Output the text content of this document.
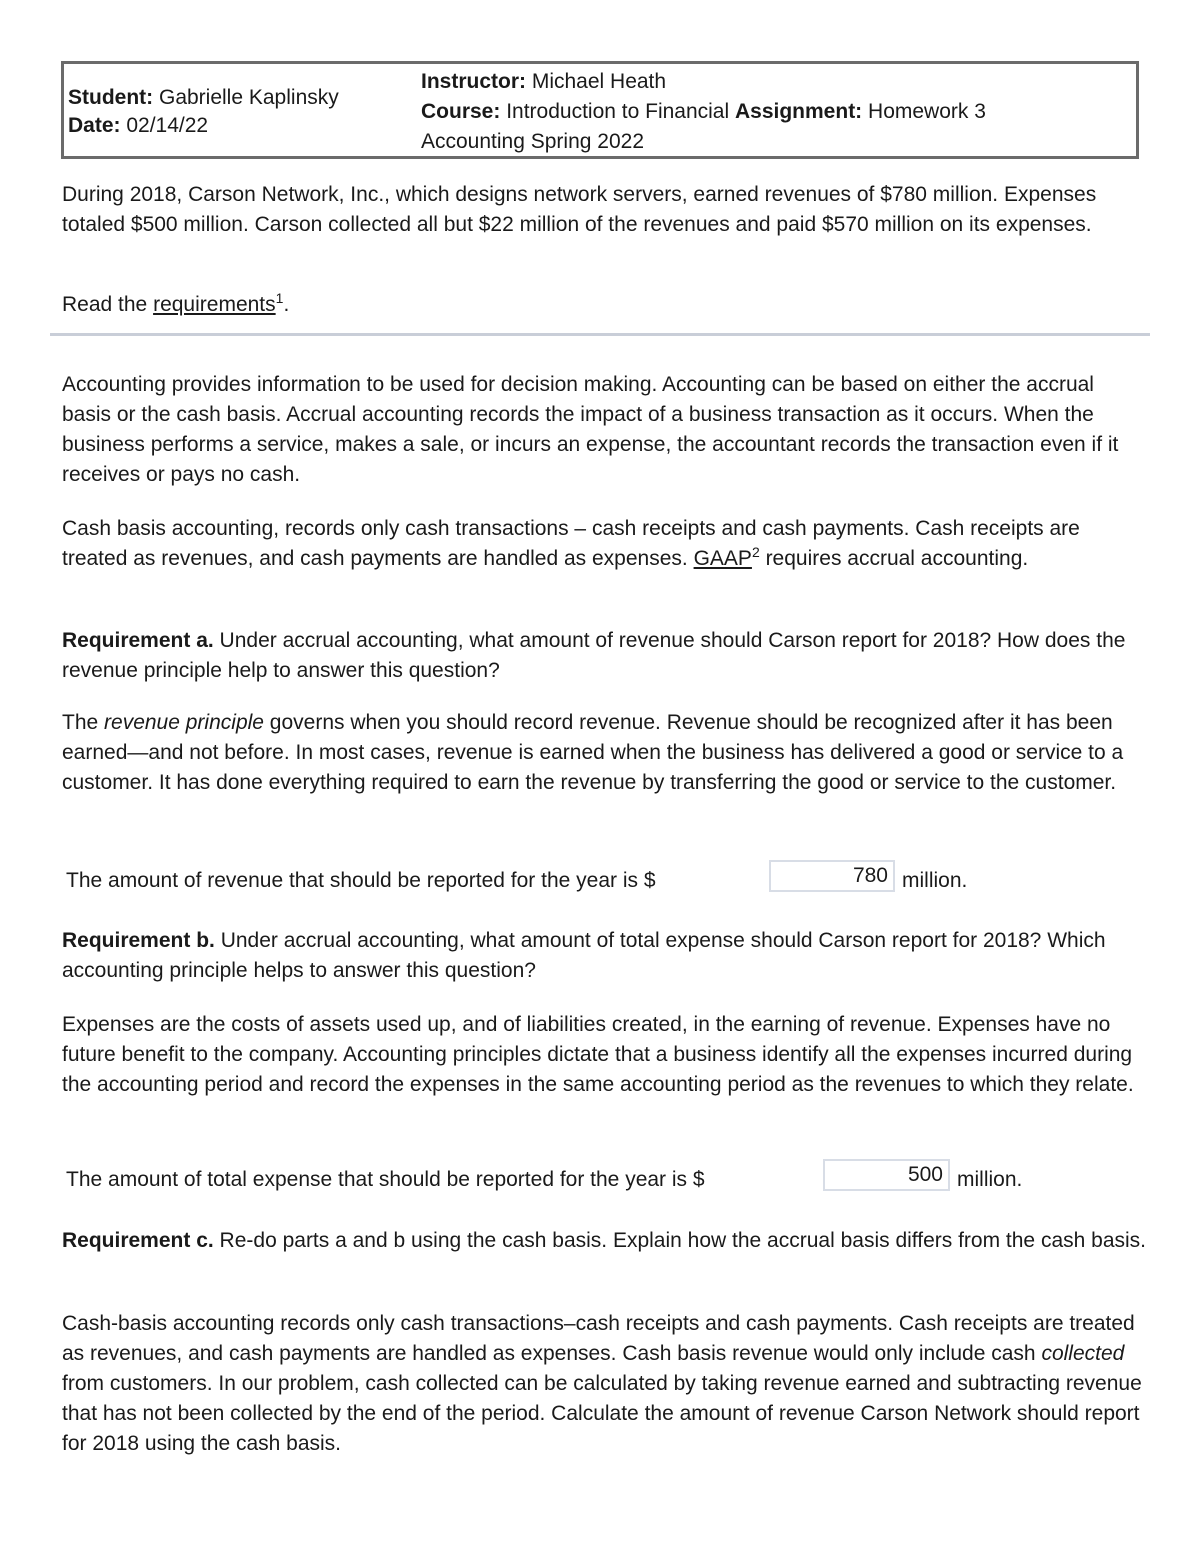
Student: Gabrielle Kaplinsky
Date: 02/14/22
Instructor: Michael Heath
Course: Introduction to Financial Assignment: Homework 3
Accounting Spring 2022
During 2018, Carson Network, Inc., which designs network servers, earned revenues of $780 million. Expenses totaled $500 million. Carson collected all but $22 million of the revenues and paid $570 million on its expenses.
Read the requirements$^1$.
Accounting provides information to be used for decision making. Accounting can be based on either the accrual basis or the cash basis. Accrual accounting records the impact of a business transaction as it occurs. When the business performs a service, makes a sale, or incurs an expense, the accountant records the transaction even if it receives or pays no cash.
Cash basis accounting, records only cash transactions – cash receipts and cash payments. Cash receipts are treated as revenues, and cash payments are handled as expenses. GAAP$^2$ requires accrual accounting.
Requirement a. Under accrual accounting, what amount of revenue should Carson report for 2018? How does the revenue principle help to answer this question?
The revenue principle governs when you should record revenue. Revenue should be recognized after it has been earned—and not before. In most cases, revenue is earned when the business has delivered a good or service to a customer. It has done everything required to earn the revenue by transferring the good or service to the customer.
The amount of revenue that should be reported for the year is $	780 million.
Requirement b. Under accrual accounting, what amount of total expense should Carson report for 2018? Which accounting principle helps to answer this question?
Expenses are the costs of assets used up, and of liabilities created, in the earning of revenue. Expenses have no future benefit to the company. Accounting principles dictate that a business identify all the expenses incurred during the accounting period and record the expenses in the same accounting period as the revenues to which they relate.
The amount of total expense that should be reported for the year is $	500 million.
Requirement c. Re-do parts a and b using the cash basis. Explain how the accrual basis differs from the cash basis.
Cash-basis accounting records only cash transactions–cash receipts and cash payments. Cash receipts are treated as revenues, and cash payments are handled as expenses. Cash basis revenue would only include cash collected from customers. In our problem, cash collected can be calculated by taking revenue earned and subtracting revenue that has not been collected by the end of the period. Calculate the amount of revenue Carson Network should report for 2018 using the cash basis.
